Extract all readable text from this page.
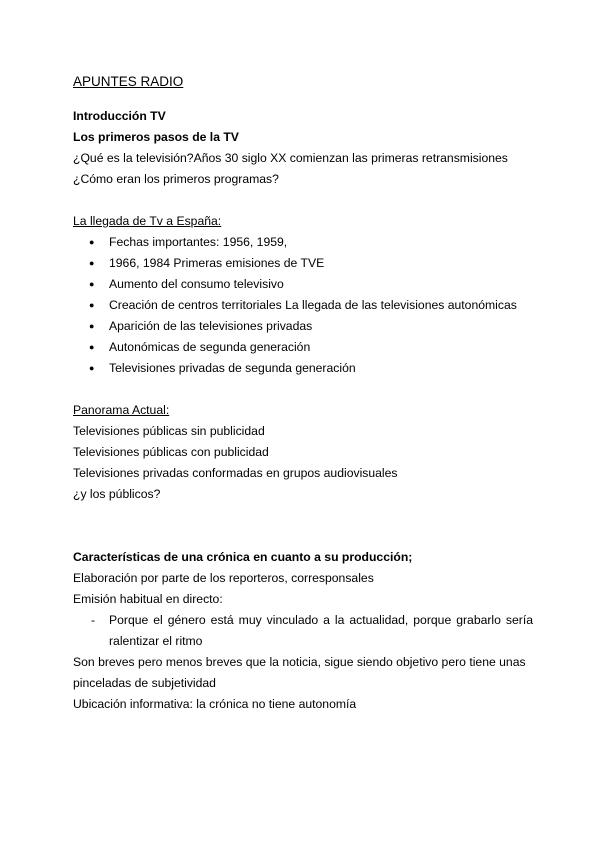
APUNTES RADIO
Introducción TV
Los primeros pasos de la TV
¿Qué es la televisión?Años 30 siglo XX comienzan las primeras retransmisiones
¿Cómo eran los primeros programas?
La llegada de Tv a España:
● Fechas importantes: 1956, 1959,
● 1966, 1984 Primeras emisiones de TVE
● Aumento del consumo televisivo
● Creación de centros territoriales La llegada de las televisiones autonómicas
● Aparición de las televisiones privadas
● Autonómicas de segunda generación
● Televisiones privadas de segunda generación
Panorama Actual:
Televisiones públicas sin publicidad
Televisiones públicas con publicidad
Televisiones privadas conformadas en grupos audiovisuales
¿y los públicos?
Características de una crónica en cuanto a su producción;
Elaboración por parte de los reporteros, corresponsales
Emisión habitual en directo:
- Porque el género está muy vinculado a la actualidad, porque grabarlo sería ralentizar el ritmo
Son breves pero menos breves que la noticia, sigue siendo objetivo pero tiene unas pinceladas de subjetividad
Ubicación informativa: la crónica no tiene autonomía
